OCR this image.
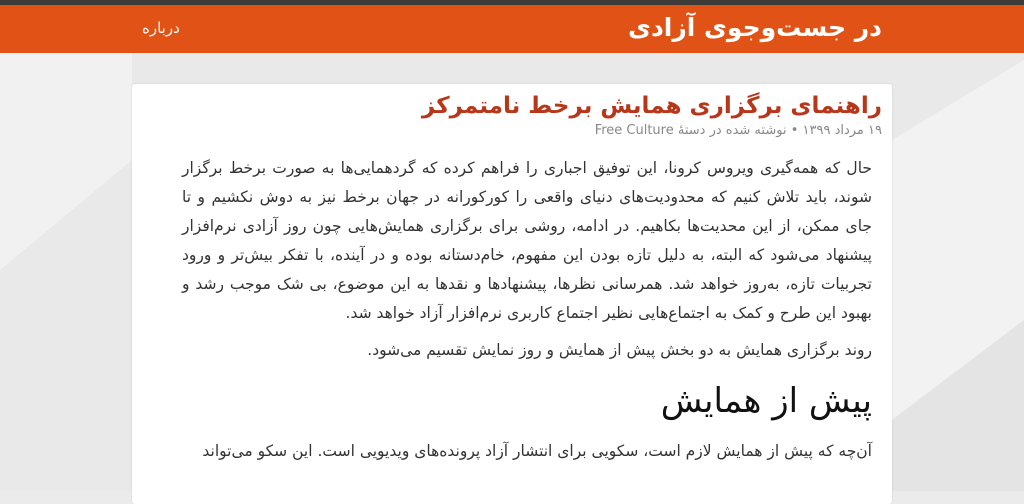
در جست‌وجوی آزادی
درباره
راهنمای برگزاری همایش برخط نامتمرکز
۱۹ مرداد ۱۳۹۹ • نوشته شده در دستهٔ Free Culture

حال که همه‌گیری ویروس کرونا، این توفیق اجباری را فراهم کرده که گردهمایی‌ها به صورت برخط برگزار شوند، باید تلاش کنیم که محدودیت‌های دنیای واقعی را کورکورانه در جهان برخط نیز به دوش نکشیم و تا جای ممکن، از این محدیت‌ها بکاهیم. در ادامه، روشی برای برگزاری همایش‌هایی چون روز آزادی نرم‌افزار پیشنهاد می‌شود که البته، به دلیل تازه بودن این مفهوم، خام‌دستانه بوده و در آینده، با تفکر بیش‌تر و ورود تجربیات تازه، به‌روز خواهد شد. همرسانی نظرها، پیشنهادها و نقدها به این موضوع، بی شک موجب رشد و بهبود این طرح و کمک به اجتماع‌هایی نظیر اجتماع کاربری نرم‌افزار آزاد خواهد شد.

روند برگزاری همایش به دو بخش پیش از همایش و روز نمایش تقسیم می‌شود.

پیش از همایش

آن‌چه که پیش از همایش لازم است، سکویی برای انتشار آزاد پرونده‌های ویدیویی است. این سکو می‌تواند
